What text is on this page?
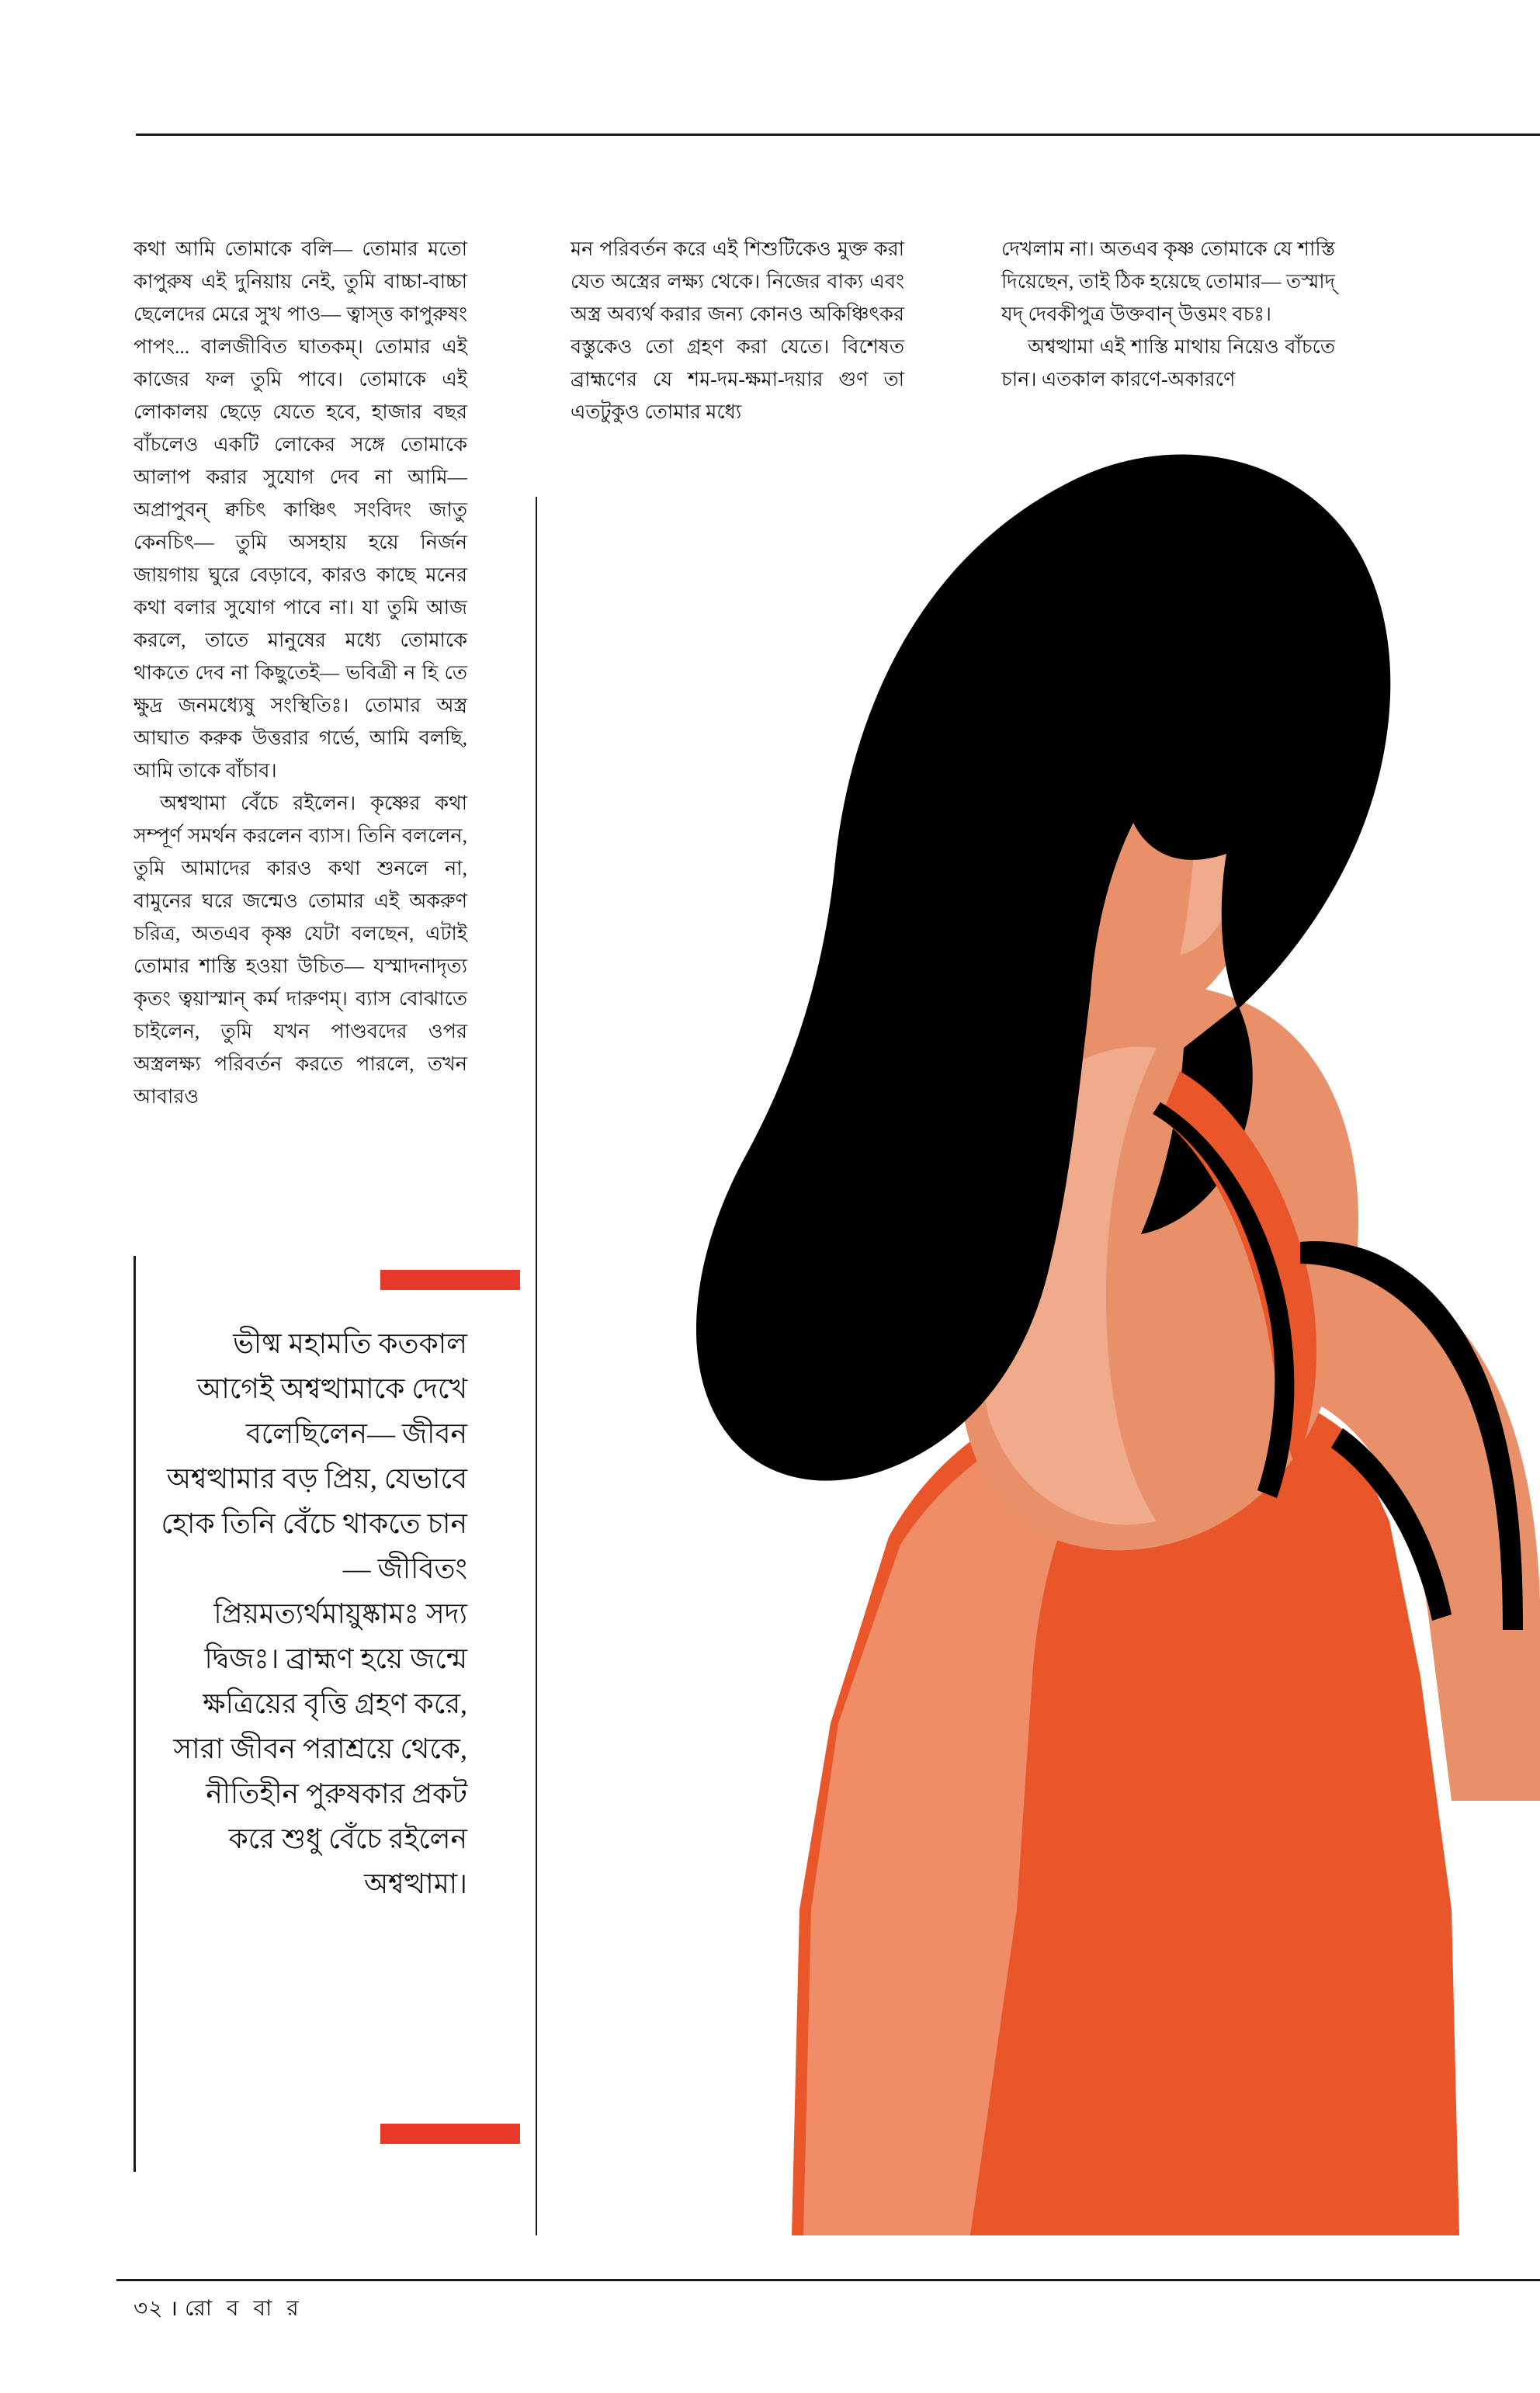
কথা আমি তোমাকে বলি— তোমার মতো কাপুরুষ এই দুনিয়ায় নেই, তুমি বাচ্চা-বাচ্চা ছেলেদের মেরে সুখ পাও— ত্বাস্ত্ত কাপুরুষং পাপং... বালজীবিত ঘাতকম্‌। তোমার এই কাজের ফল তুমি পাবে। তোমাকে এই লোকালয় ছেড়ে যেতে হবে, হাজার বছর বাঁচলেও একটি লোকের সঙ্গে তোমাকে আলাপ করার সুযোগ দেব না আমি— অপ্রাপুবন্‌ ক্বচিৎ কাঞ্চিৎ সংবিদং জাতু কেনচিৎ— তুমি অসহায় হয়ে নির্জন জায়গায় ঘুরে বেড়াবে, কারও কাছে মনের কথা বলার সুযোগ পাবে না। যা তুমি আজ করলে, তাতে মানুষের মধ্যে তোমাকে থাকতে দেব না কিছুতেই— ভবিত্রী ন হি তে ক্ষুদ্র জনমধ্যেষু সংস্থিতিঃ। তোমার অস্ত্র আঘাত করুক উত্তরার গর্ভে, আমি বলছি, আমি তাকে বাঁচাব।

অশ্বত্থামা বেঁচে রইলেন। কৃষ্ণের কথা সম্পূর্ণ সমর্থন করলেন ব্যাস। তিনি বললেন, তুমি আমাদের কারও কথা শুনলে না, বামুনের ঘরে জন্মেও তোমার এই অকরুণ চরিত্র, অতএব কৃষ্ণ যেটা বলছেন, এটাই তোমার শাস্তি হওয়া উচিত— যস্মাদনাদৃত্য কৃতং ত্বয়াস্মান্‌ কর্ম দারুণম্‌। ব্যাস বোঝাতে চাইলেন, তুমি যখন পাণ্ডবদের ওপর অস্ত্রলক্ষ্য পরিবর্তন করতে পারলে, তখন আবারও

মন পরিবর্তন করে এই শিশুটিকেও মুক্ত করা যেত অস্ত্রের লক্ষ্য থেকে। নিজের বাক্য এবং অস্ত্র অব্যর্থ করার জন্য কোনও অকিঞ্চিৎকর বস্তুকেও তো গ্রহণ করা যেতে। বিশেষত ব্রাহ্মণের যে শম-দম-ক্ষমা-দয়ার গুণ তা এতটুকুও তোমার মধ্যে

দেখলাম না। অতএব কৃষ্ণ তোমাকে যে শাস্তি দিয়েছেন, তাই ঠিক হয়েছে তোমার— তস্মাদ্‌ যদ্‌ দেবকীপুত্র উক্তবান্‌ উত্তমং বচঃ।

অশ্বত্থামা এই শাস্তি মাথায় নিয়েও বাঁচতে চান। এতকাল কারণে-অকারণে

ভীষ্ম মহামতি কতকাল আগেই অশ্বত্থামাকে দেখে বলেছিলেন— জীবন অশ্বত্থামার বড় প্রিয়, যেভাবে হোক তিনি বেঁচে থাকতে চান— জীবিতং প্রিয়মত্যর্থমায়ুষ্কামঃ সদ্য দ্বিজঃ। ব্রাহ্মণ হয়ে জন্মে ক্ষত্রিয়ের বৃত্তি গ্রহণ করে, সারা জীবন পরাশ্রয়ে থেকে, নীতিহীন পুরুষকার প্রকট করে শুধু বেঁচে রইলেন অশ্বত্থামা।
৩২ । রো ব বা র
